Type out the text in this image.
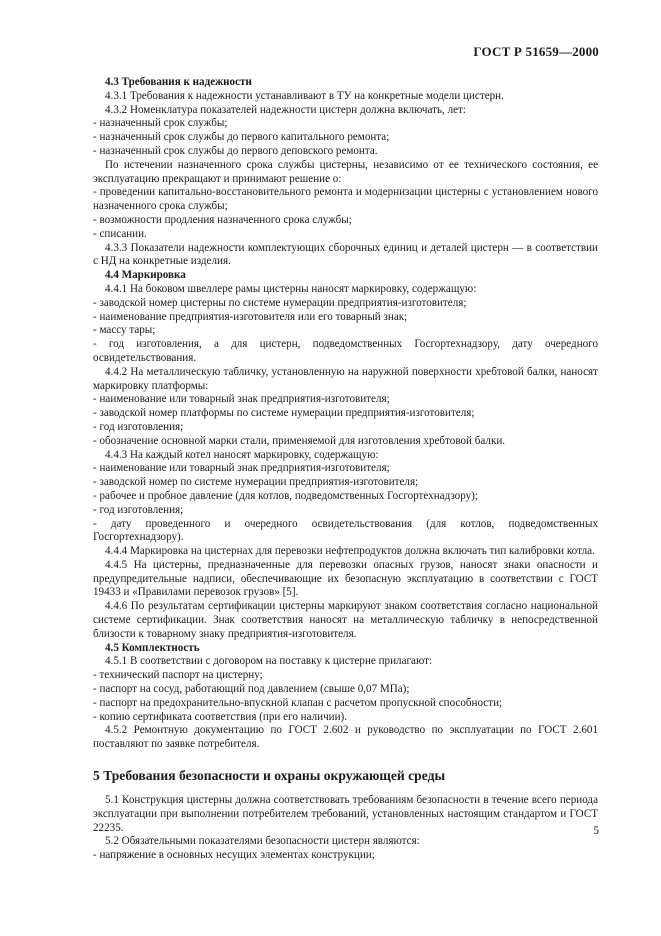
ГОСТ Р 51659—2000

4.3 Требования к надежности

4.3.1 Требования к надежности устанавливают в ТУ на конкретные модели цистерн.

4.3.2 Номенклатура показателей надежности цистерн должна включать, лет:

- назначенный срок службы;

- назначенный срок службы до первого капитального ремонта;

- назначенный срок службы до первого деповского ремонта.

По истечении назначенного срока службы цистерны, независимо от ее технического состояния, ее эксплуатацию прекращают и принимают решение о:

- проведении капитально-восстановительного ремонта и модернизации цистерны с установлением нового назначенного срока службы;

- возможности продления назначенного срока службы;

- списании.

4.3.3 Показатели надежности комплектующих сборочных единиц и деталей цистерн — в соответствии с НД на конкретные изделия.

4.4 Маркировка

4.4.1 На боковом швеллере рамы цистерны наносят маркировку, содержащую:

- заводской номер цистерны по системе нумерации предприятия-изготовителя;

- наименование предприятия-изготовителя или его товарный знак;

- массу тары;

- год изготовления, а для цистерн, подведомственных Госгортехнадзору, дату очередного освидетельствования.

4.4.2 На металлическую табличку, установленную на наружной поверхности хребтовой балки, наносят маркировку платформы:

- наименование или товарный знак предприятия-изготовителя;

- заводской номер платформы по системе нумерации предприятия-изготовителя;

- год изготовления;

- обозначение основной марки стали, применяемой для изготовления хребтовой балки.

4.4.3 На каждый котел наносят маркировку, содержащую:

- наименование или товарный знак предприятия-изготовителя;

- заводской номер по системе нумерации предприятия-изготовителя;

- рабочее и пробное давление (для котлов, подведомственных Госгортехнадзору);

- год изготовления;

- дату проведенного и очередного освидетельствования (для котлов, подведомственных Госгортехнадзору).

4.4.4 Маркировка на цистернах для перевозки нефтепродуктов должна включать тип калибровки котла.

4.4.5 На цистерны, предназначенные для перевозки опасных грузов, наносят знаки опасности и предупредительные надписи, обеспечивающие их безопасную эксплуатацию в соответствии с ГОСТ 19433 и «Правилами перевозок грузов» [5].

4.4.6 По результатам сертификации цистерны маркируют знаком соответствия согласно национальной системе сертификации. Знак соответствия наносят на металлическую табличку в непосредственной близости к товарному знаку предприятия-изготовителя.

4.5 Комплектность

4.5.1 В соответствии с договором на поставку к цистерне прилагают:

- технический паспорт на цистерну;

- паспорт на сосуд, работающий под давлением (свыше 0,07 МПа);

- паспорт на предохранительно-впускной клапан с расчетом пропускной способности;

- копию сертификата соответствия (при его наличии).

4.5.2 Ремонтную документацию по ГОСТ 2.602 и руководство по эксплуатации по ГОСТ 2.601 поставляют по заявке потребителя.

5 Требования безопасности и охраны окружающей среды

5.1 Конструкция цистерны должна соответствовать требованиям безопасности в течение всего периода эксплуатации при выполнении потребителем требований, установленных настоящим стандартом и ГОСТ 22235.

5.2 Обязательными показателями безопасности цистерн являются:

- напряжение в основных несущих элементах конструкции;

5
